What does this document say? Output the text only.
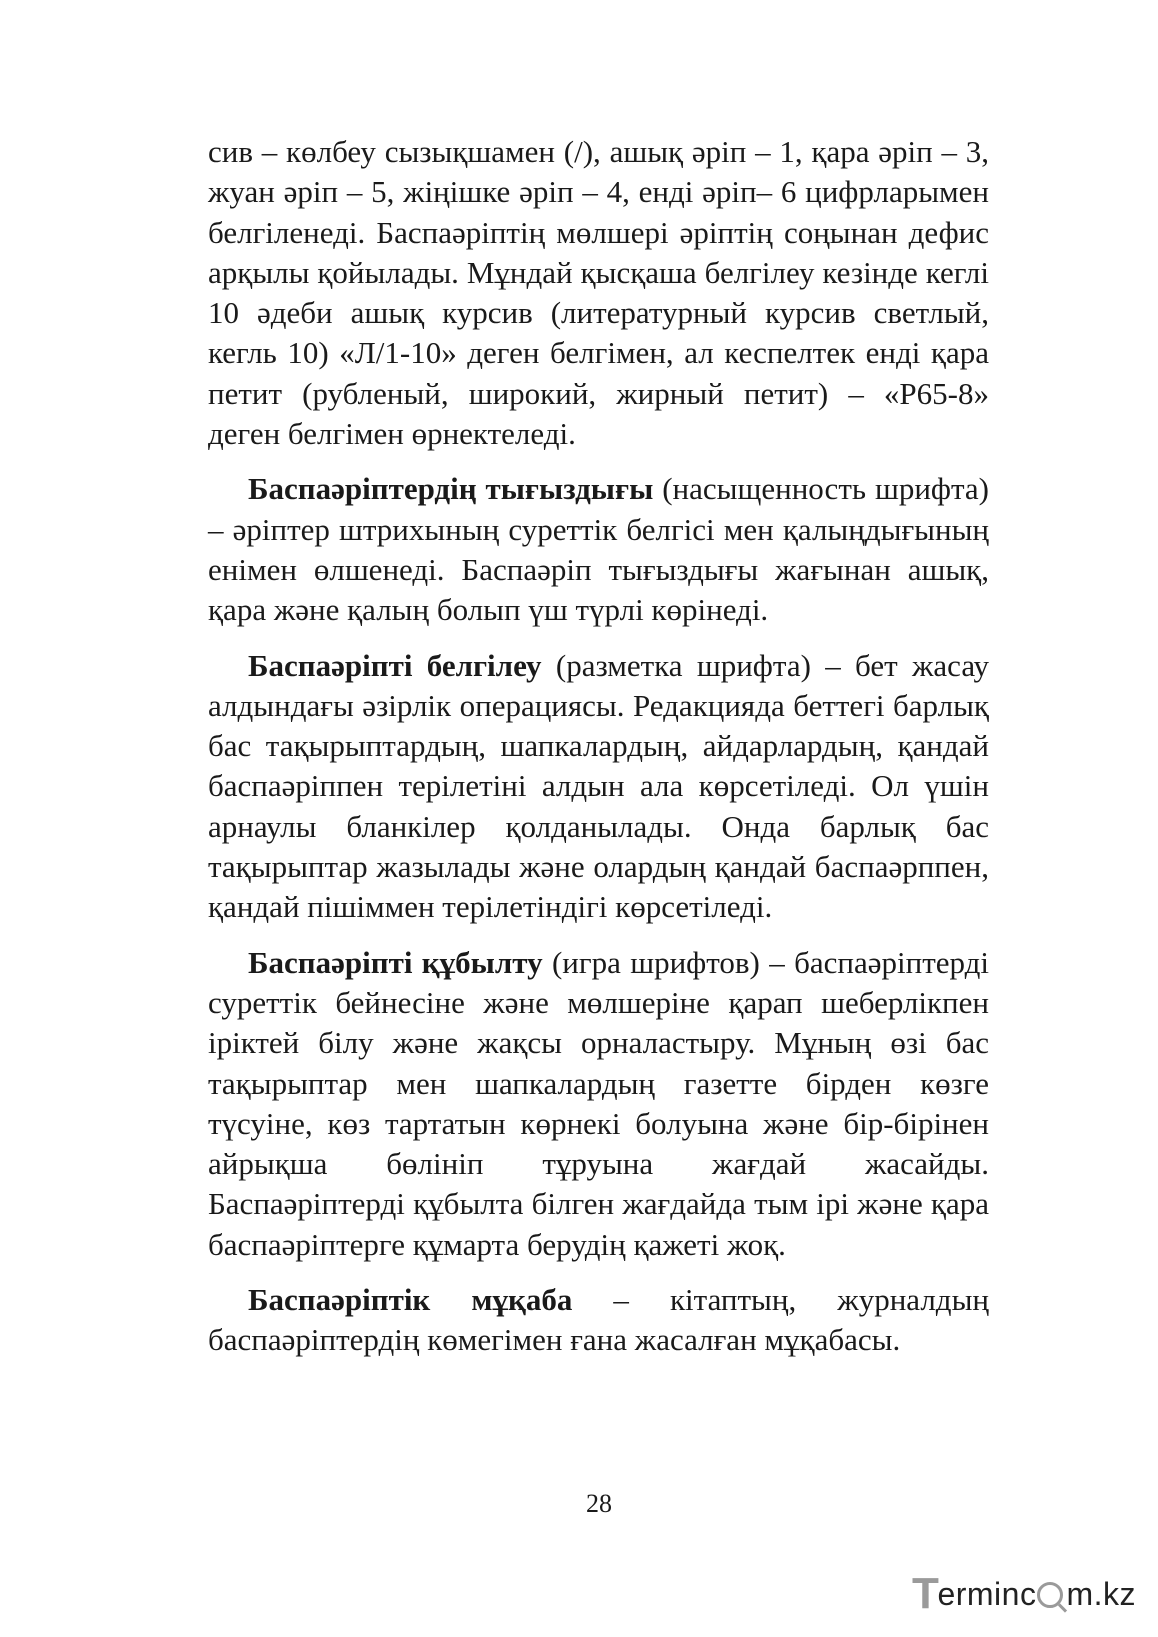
сив – көлбеу сызықшамен (/), ашық әріп – 1, қара әріп – 3, жуан әріп – 5, жіңішке әріп – 4, енді әріп– 6 цифрларымен белгіленеді. Баспаәріптің мөлшері әріптің соңынан дефис арқылы қойылады. Мұндай қысқаша белгілеу кезінде кеглі 10 әдеби ашық курсив (литературный курсив светлый, кегль 10) «Л/1-10» деген белгімен, ал кеспелтек енді қара петит (рубленый, широкий, жирный петит) – «Р65-8» деген белгімен өрнектеледі.

Баспаәріптердің тығыздығы (насыщенность шрифта) – әріптер штрихының суреттік белгісі мен қалыңдығының енімен өлшенеді. Баспаәріп тығыздығы жағынан ашық, қара және қалың болып үш түрлі көрінеді.

Баспаәріпті белгілеу (разметка шрифта) – бет жасау алдындағы әзірлік операциясы. Редакцияда беттегі барлық бас тақырыптардың, шапкалардың, айдарлардың, қандай баспаәріппен терілетіні алдын ала көрсетіледі. Ол үшін арнаулы бланкілер қолданылады. Онда барлық бас тақырыптар жазылады және олардың қандай баспаәрппен, қандай пішіммен терілетіндігі көрсетіледі.

Баспаәріпті құбылту (игра шрифтов) – баспаәріптерді суреттік бейнесіне және мөлшеріне қарап шеберлікпен іріктей білу және жақсы орналастыру. Мұның өзі бас тақырыптар мен шапкалардың газетте бірден көзге түсуіне, көз тартатын көрнекі болуына және бір-бірінен айрықша бөлініп тұруына жағдай жасайды. Баспаәріптерді құбылта білген жағдайда тым ірі және қара баспаәріптерге құмарта берудің қажеті жоқ.

Баспаәріптік мұқаба – кітаптың, журналдың баспаәріптердің көмегімен ғана жасалған мұқабасы.

28
T
erminc m.kz
